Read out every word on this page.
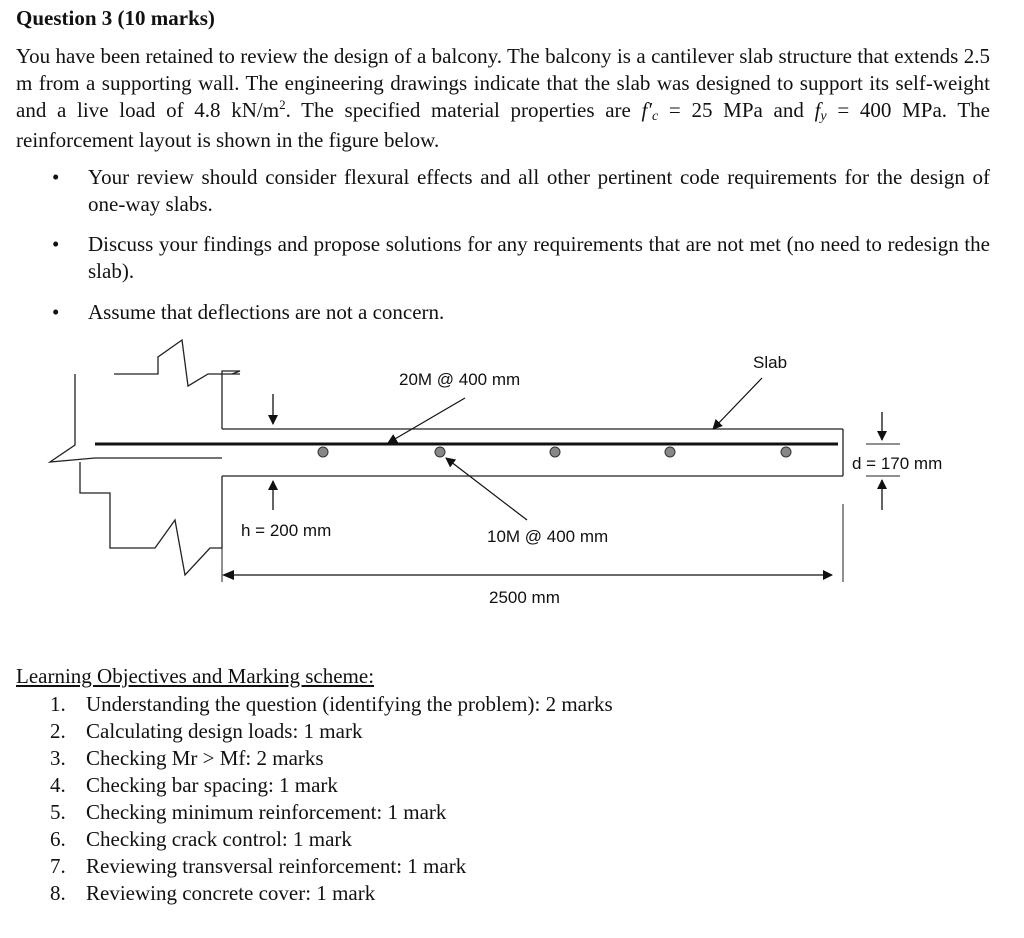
Question 3 (10 marks)

You have been retained to review the design of a balcony. The balcony is a cantilever slab structure that extends 2.5 m from a supporting wall. The engineering drawings indicate that the slab was designed to support its self-weight and a live load of 4.8 $kN/m^2$. The specified material properties are f′c = 25 MPa and fy = 400 MPa. The reinforcement layout is shown in the figure below.

• Your review should consider flexural effects and all other pertinent code requirements for the design of one-way slabs.
• Discuss your findings and propose solutions for any requirements that are not met (no need to redesign the slab).
• Assume that deflections are not a concern.
20M @ 400 mm
Slab
d = 170 mm
h = 200 mm	10M @ 400 mm
2500 mm
Learning Objectives and Marking scheme:
1. Understanding the question (identifying the problem): 2 marks
2. Calculating design loads: 1 mark
3. Checking Mr > Mf: 2 marks
4. Checking bar spacing: 1 mark
5. Checking minimum reinforcement: 1 mark
6. Checking crack control: 1 mark
7. Reviewing transversal reinforcement: 1 mark
8. Reviewing concrete cover: 1 mark
